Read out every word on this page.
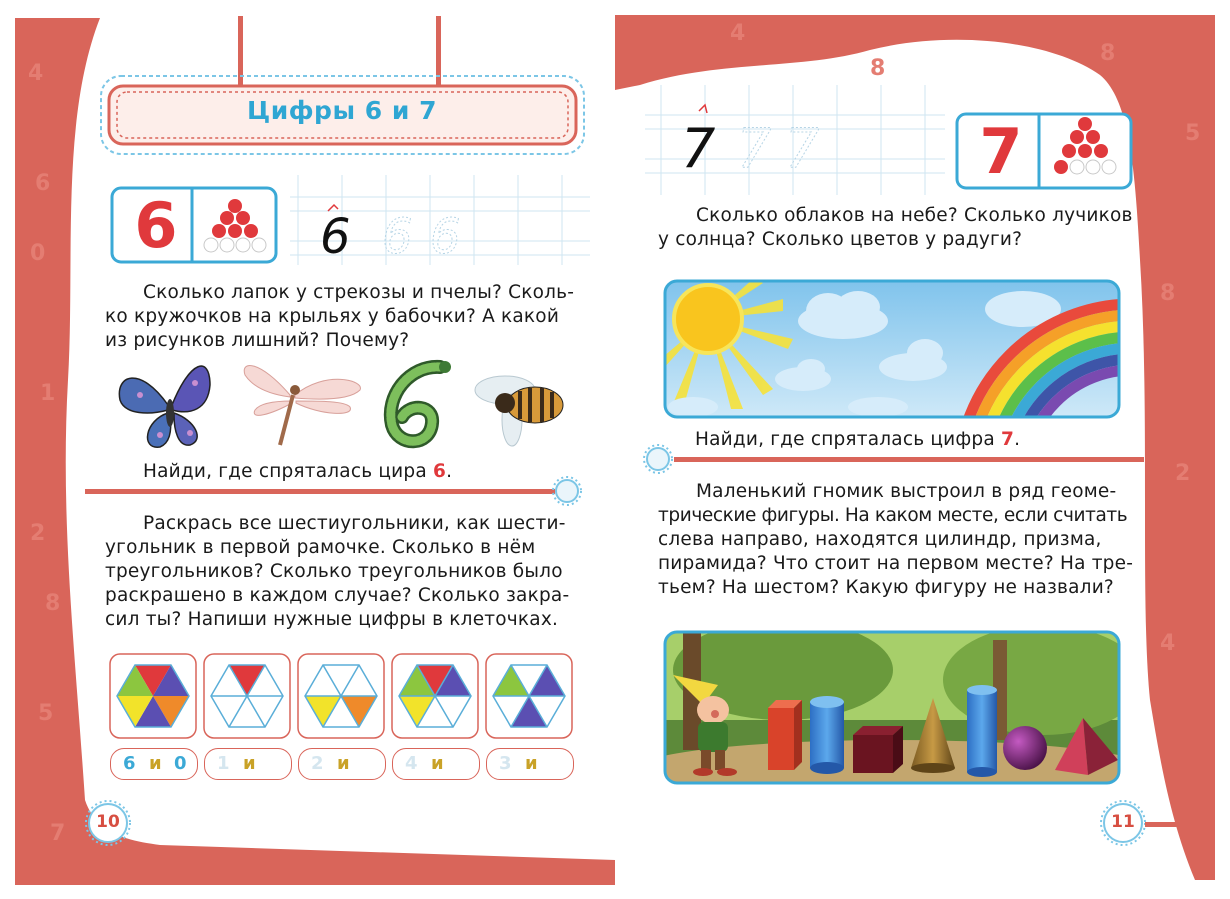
4
6
0
1
2
8
5
7
8
5
8
2
4
8
4
Цифры 6 и 7
6	6 6 6
Сколько лапок у стрекозы и пчелы? Сколь-
ко кружочков на крыльях у бабочки? А какой
из рисунков лишний? Почему?
Найди, где спряталась цира 6.
Раскрась все шестиугольники, как шести-
угольник в первой рамочке. Сколько в нём
треугольников? Сколько треугольников было
раскрашено в каждом случае? Сколько закра-
сил ты? Напиши нужные цифры в клеточках.
6 и 0 1 и	2 и	4 и	3 и
10
7 7 7	7
Сколько облаков на небе? Сколько лучиков
у солнца? Сколько цветов у радуги?
Найди, где спряталась цифра 7.
Маленький гномик выстроил в ряд геоме-
трические фигуры. На каком месте, если считать
слева направо, находятся цилиндр, призма,
пирамида? Что стоит на первом месте? На тре-
тьем? На шестом? Какую фигуру не назвали?
11
